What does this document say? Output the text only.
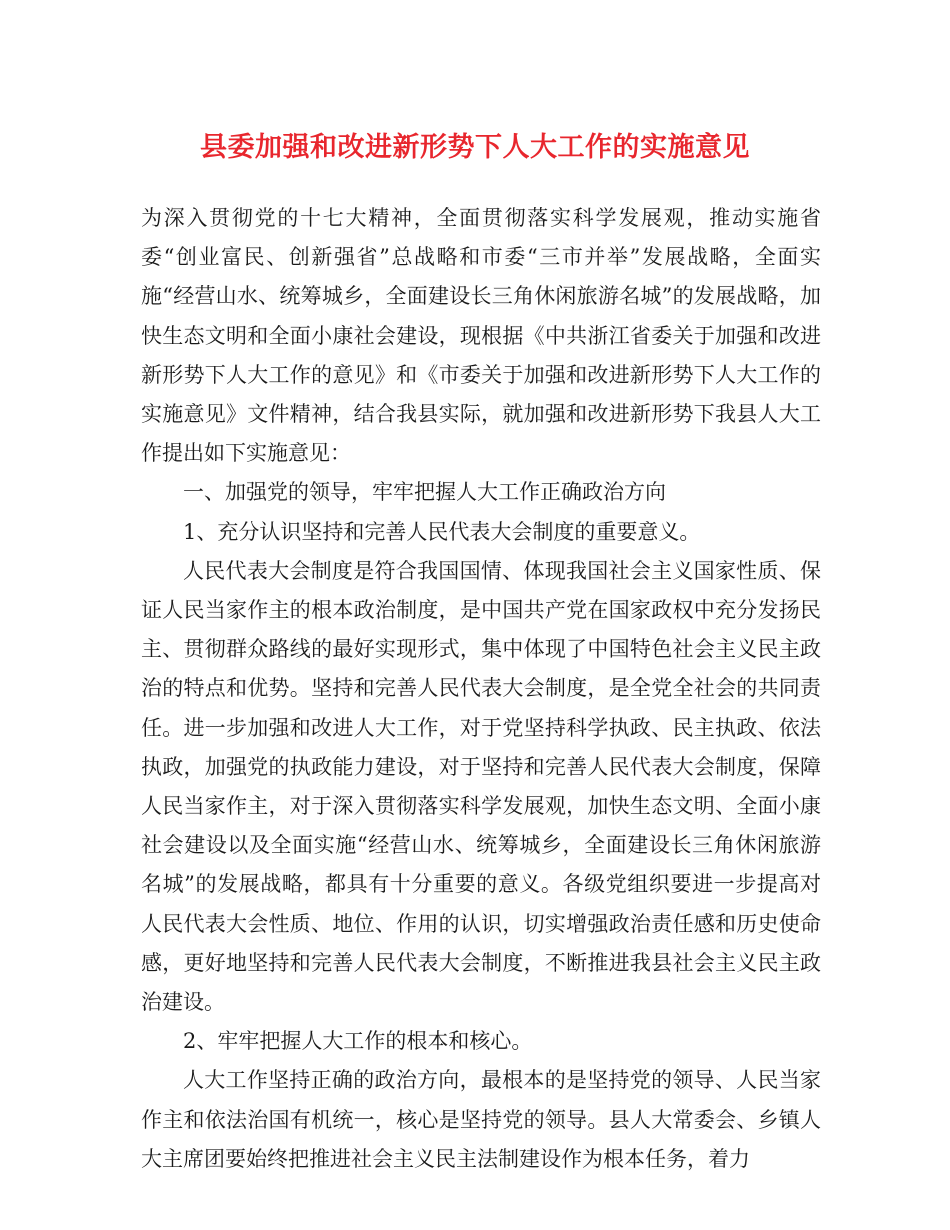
县委加强和改进新形势下人大工作的实施意见

为深入贯彻党的十七大精神，全面贯彻落实科学发展观，推动实施省委“创业富民、创新强省”总战略和市委“三市并举”发展战略，全面实施“经营山水、统筹城乡，全面建设长三角休闲旅游名城”的发展战略，加快生态文明和全面小康社会建设，现根据《中共浙江省委关于加强和改进新形势下人大工作的意见》和《市委关于加强和改进新形势下人大工作的实施意见》文件精神，结合我县实际，就加强和改进新形势下我县人大工作提出如下实施意见：

一、加强党的领导，牢牢把握人大工作正确政治方向

1、充分认识坚持和完善人民代表大会制度的重要意义。

人民代表大会制度是符合我国国情、体现我国社会主义国家性质、保证人民当家作主的根本政治制度，是中国共产党在国家政权中充分发扬民主、贯彻群众路线的最好实现形式，集中体现了中国特色社会主义民主政治的特点和优势。坚持和完善人民代表大会制度，是全党全社会的共同责任。进一步加强和改进人大工作，对于党坚持科学执政、民主执政、依法执政，加强党的执政能力建设，对于坚持和完善人民代表大会制度，保障人民当家作主，对于深入贯彻落实科学发展观，加快生态文明、全面小康社会建设以及全面实施“经营山水、统筹城乡，全面建设长三角休闲旅游名城”的发展战略，都具有十分重要的意义。各级党组织要进一步提高对人民代表大会性质、地位、作用的认识，切实增强政治责任感和历史使命感，更好地坚持和完善人民代表大会制度，不断推进我县社会主义民主政治建设。

2、牢牢把握人大工作的根本和核心。

人大工作坚持正确的政治方向，最根本的是坚持党的领导、人民当家作主和依法治国有机统一，核心是坚持党的领导。县人大常委会、乡镇人大主席团要始终把推进社会主义民主法制建设作为根本任务，着力
